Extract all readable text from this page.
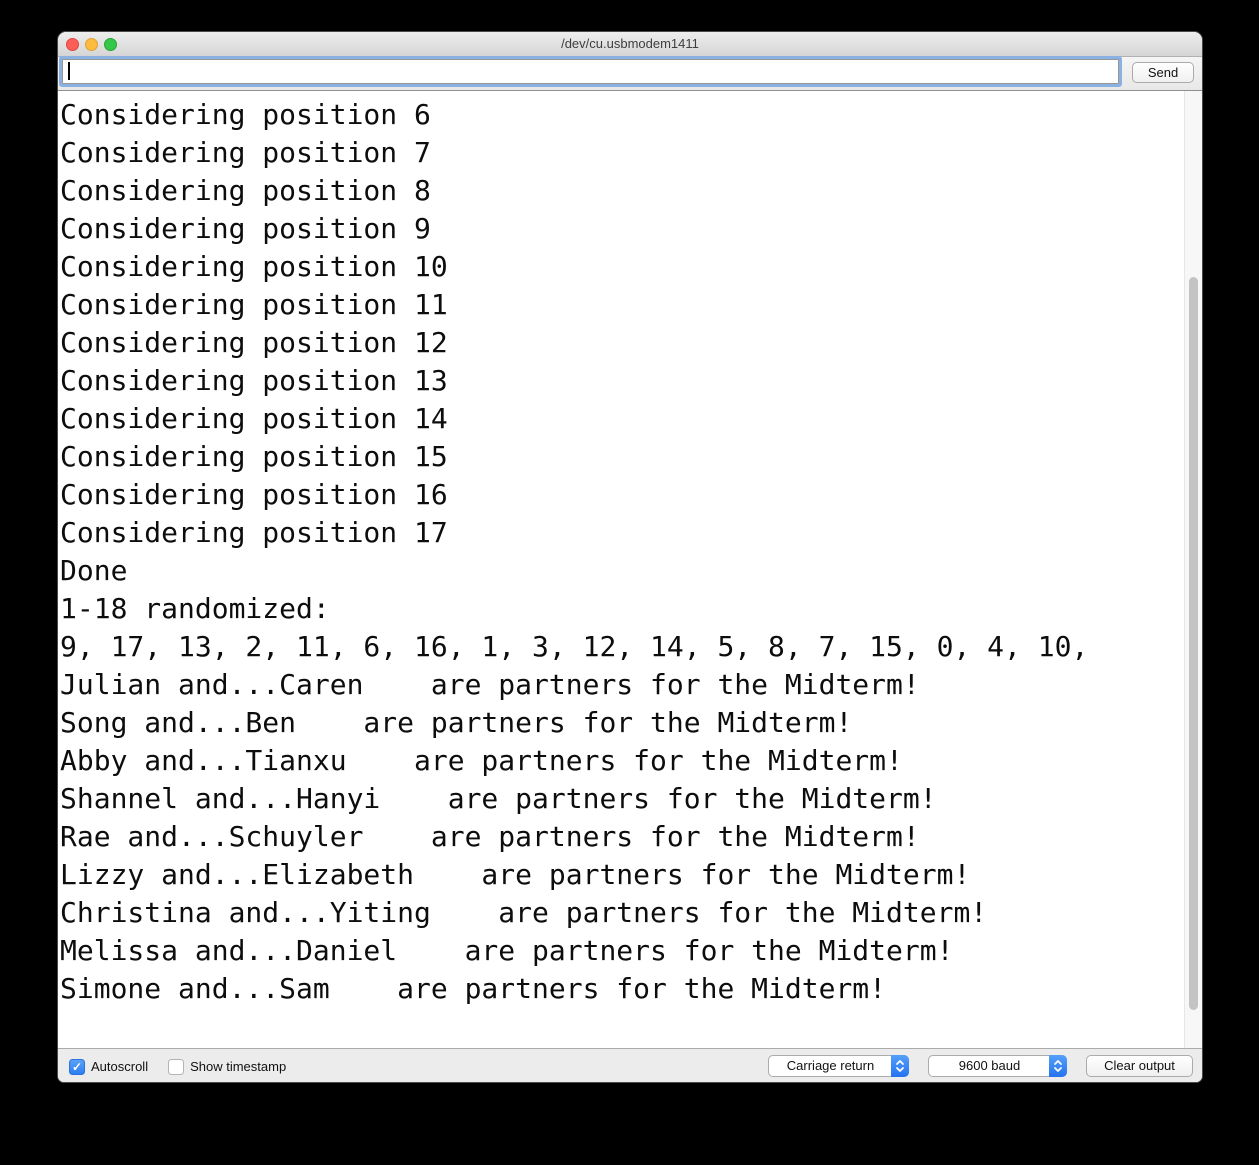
/dev/cu.usbmodem1411
Send
Considering position 6
Considering position 7
Considering position 8
Considering position 9
Considering position 10
Considering position 11
Considering position 12
Considering position 13
Considering position 14
Considering position 15
Considering position 16
Considering position 17
Done
1-18 randomized:
9, 17, 13, 2, 11, 6, 16, 1, 3, 12, 14, 5, 8, 7, 15, 0, 4, 10,
Julian and...Caren    are partners for the Midterm!
Song and...Ben    are partners for the Midterm!
Abby and...Tianxu    are partners for the Midterm!
Shannel and...Hanyi    are partners for the Midterm!
Rae and...Schuyler    are partners for the Midterm!
Lizzy and...Elizabeth    are partners for the Midterm!
Christina and...Yiting    are partners for the Midterm!
Melissa and...Daniel    are partners for the Midterm!
Simone and...Sam    are partners for the Midterm!
✓ Autoscroll	Show timestamp	Carriage return	9600 baud	Clear output
